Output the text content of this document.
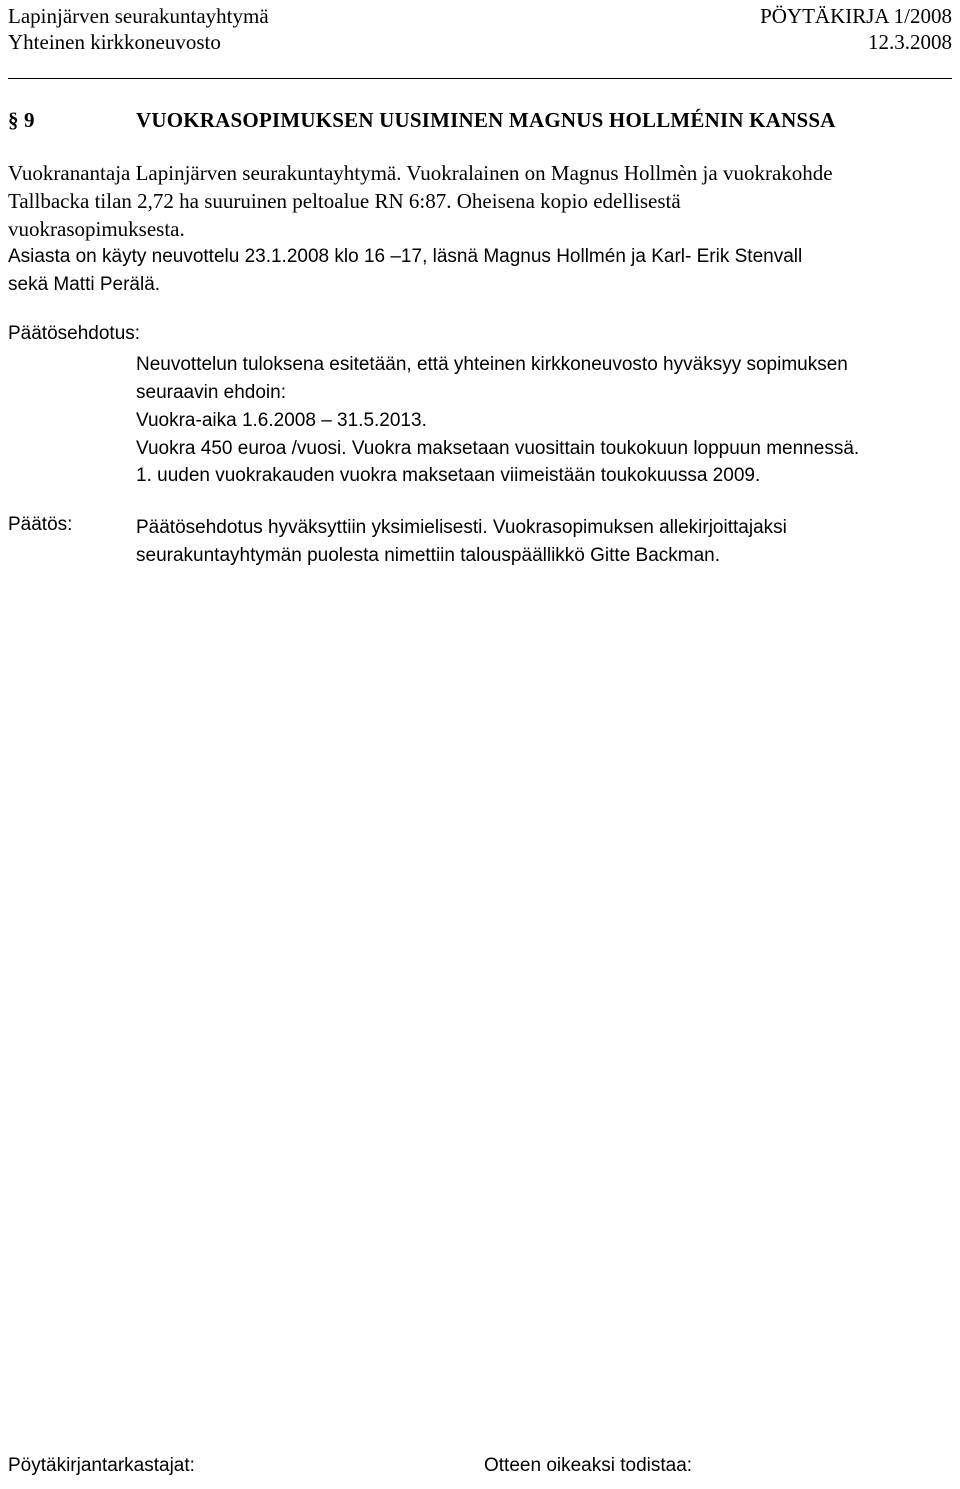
Lapinjärven seurakuntayhtymä	PÖYTÄKIRJA 1/2008
Yhteinen kirkkoneuvosto	12.3.2008
§ 9	VUOKRASOPIMUKSEN UUSIMINEN MAGNUS HOLLMÉNIN KANSSA
Vuokranantaja Lapinjärven seurakuntayhtymä. Vuokralainen on Magnus Hollmèn ja vuokrakohde
Tallbacka tilan 2,72 ha suuruinen peltoalue RN 6:87. Oheisena kopio edellisestä
vuokrasopimuksesta.
Asiasta on käyty neuvottelu 23.1.2008 klo 16 –17, läsnä Magnus Hollmén ja Karl- Erik Stenvall
sekä Matti Perälä.
Päätösehdotus:
Neuvottelun tuloksena esitetään, että yhteinen kirkkoneuvosto hyväksyy sopimuksen
seuraavin ehdoin:
Vuokra-aika 1.6.2008 – 31.5.2013.
Vuokra 450 euroa /vuosi. Vuokra maksetaan vuosittain toukokuun loppuun mennessä.
1. uuden vuokrakauden vuokra maksetaan viimeistään toukokuussa 2009.
Päätös:	Päätösehdotus hyväksyttiin yksimielisesti. Vuokrasopimuksen allekirjoittajaksi
seurakuntayhtymän puolesta nimettiin talouspäällikkö Gitte Backman.
Pöytäkirjantarkastajat:	Otteen oikeaksi todistaa:
